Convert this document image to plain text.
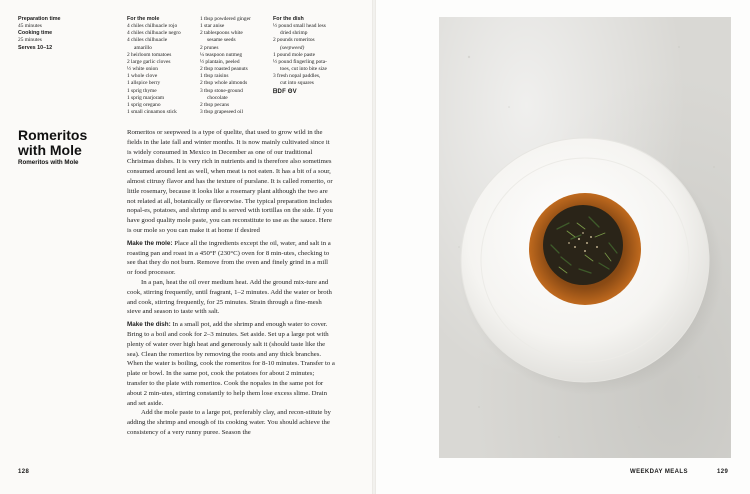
Preparation time
45 minutes
Cooking time
25 minutes
Serves 10–12
For the mole
4 chiles chilhuacle rojo
4 chiles chilhuacle negro
4 chiles chilhuacle
amarillo
2 heirloom tomatoes
2 large garlic cloves
½ white onion
1 whole clove
1 allspice berry
1 sprig thyme
1 sprig marjoram
1 sprig oregano
1 small cinnamon stick
1 tbsp powdered ginger
1 star anise
2 tablespoons white
sesame seeds
2 prunes
¼ teaspoon nutmeg
½ plantain, peeled
2 tbsp roasted peanuts
1 tbsp raisins
2 tbsp whole almonds
3 tbsp stone-ground
chocolate
2 tbsp pecans
3 tbsp grapeseed oil
For the dish
½ pound small head less
dried shrimp
2 pounds romeritos
(seepweed)
1 pound mole paste
½ pound fingerling pota-
toes, cut into bite size
3 fresh nopal paddles,
cut into squares
ᗷDF ΘV
Romeritos
with Mole
Romeritos with Mole

Romeritos or seepweed is a type of quelite, that used to grow wild in the fields in the late fall and winter months. It is now mainly cultivated since it is widely consumed in Mexico in December as one of our traditional Christmas dishes. It is very rich in nutrients and is therefore also sometimes consumed around lent as well, when meat is not eaten. It has a bit of a sour, almost citrusy flavor and has the texture of purslane. It is called romerito, or little rosemary, because it looks like a rosemary plant although the two are not related at all, botanically or flavorwise. The typical preparation includes nopal-es, potatoes, and shrimp and is served with tortillas on the side. If you have good quality mole paste, you can reconstitute to use as the sauce. Here is our mole so you can make it at home if desired

Make the mole: Place all the ingredients except the oil, water, and salt in a roasting pan and roast in a 450°F (230°C) oven for 8 min-utes, checking to see that they do not burn. Remove from the oven and finely grind in a mill or food processor.

In a pan, heat the oil over medium heat. Add the ground mix-ture and cook, stirring frequently, until fragrant, 1–2 minutes. Add the water or broth and cook, stirring frequently, for 25 minutes. Strain through a fine-mesh sieve and season to taste with salt.

Make the dish: In a small pot, add the shrimp and enough water to cover. Bring to a boil and cook for 2–3 minutes. Set aside. Set up a large pot with plenty of water over high heat and generously salt it (should taste like the sea). Clean the romeritos by removing the roots and any thick branches. When the water is boiling, cook the romeritos for 8-10 minutes. Transfer to a plate or bowl. In the same pot, cook the potatoes for about 2 minutes; transfer to the plate with romeritos. Cook the nopales in the same pot for about 2 min-utes, stirring constantly to help them lose excess slime. Drain and set aside.

Add the mole paste to a large pot, preferably clay, and recon-stitute by adding the shrimp and enough of its cooking water. You should achieve the consistency of a very runny puree. Season the

128	WEEKDAY MEALS	129
